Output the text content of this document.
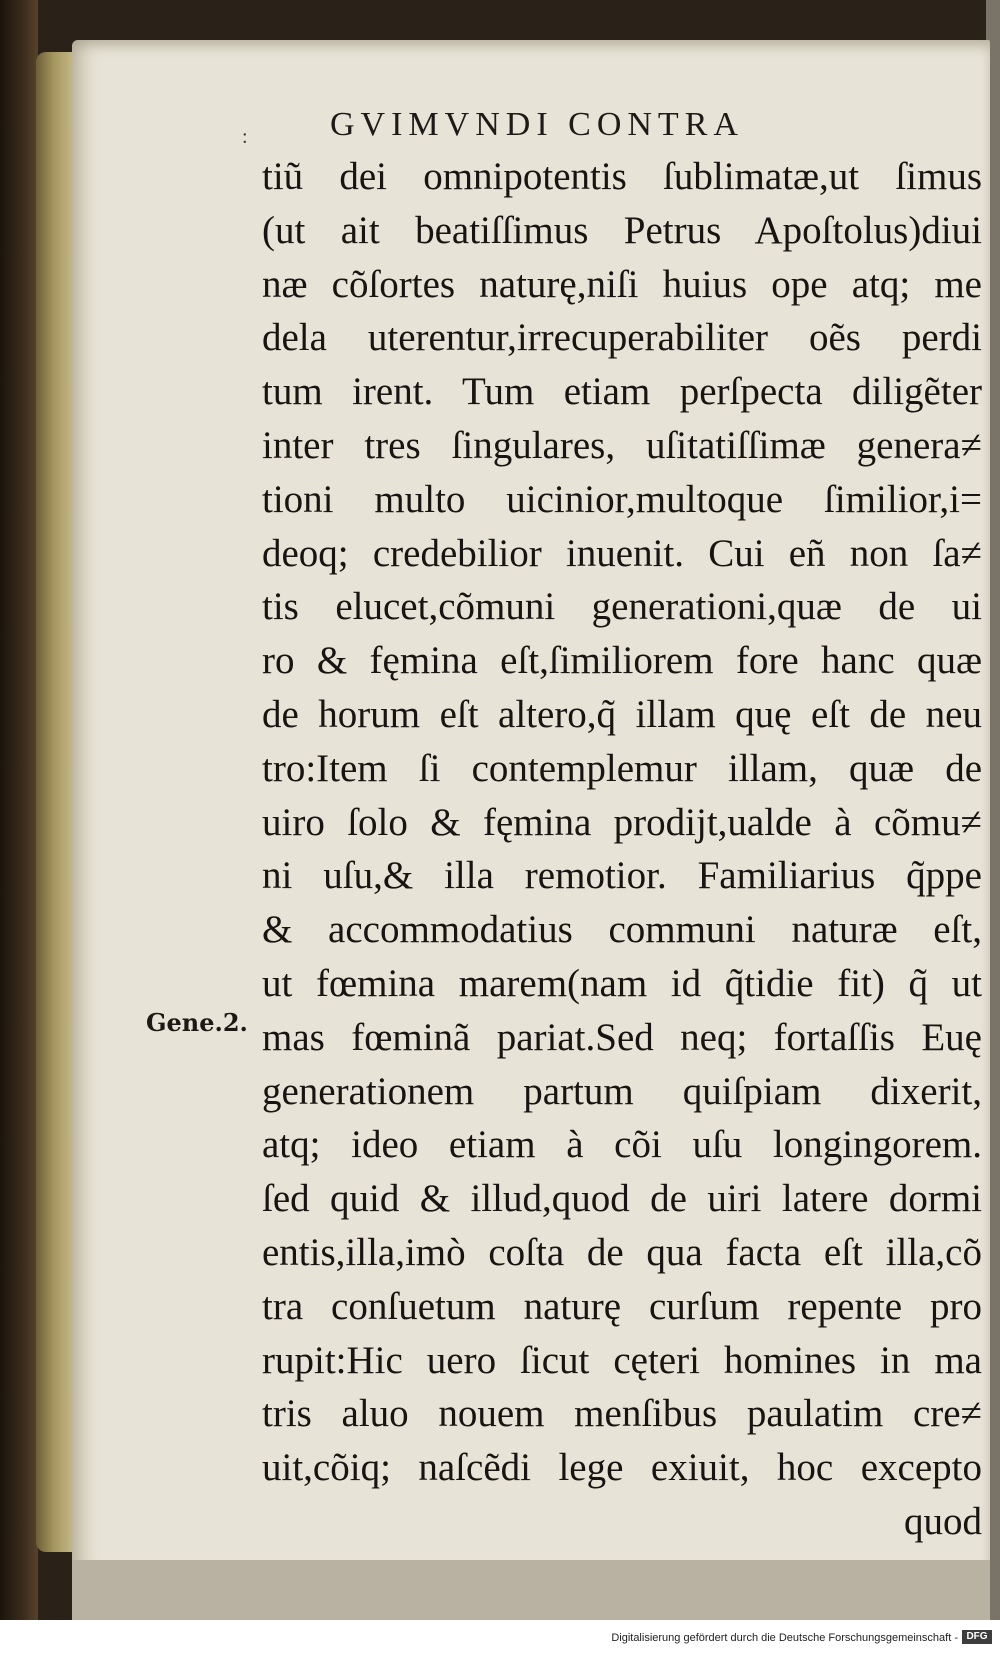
: GVIMVNDI CONTRA
Gene.2.
tiũ dei omnipotentis ſublimatæ,ut ſimus
(ut ait beatiſſimus Petrus Apoſtolus)diui
næ cõſortes naturę,niſi huius ope atq; me
dela uterentur,irrecuperabiliter oẽs perdi
tum irent. Tum etiam perſpecta diligẽter
inter tres ſingulares, uſitatiſſimæ genera≠
tioni multo uicinior,multoque ſimilior,i=
deoq; credebilior inuenit. Cui eñ non ſa≠
tis elucet,cõmuni generationi,quæ de ui
ro & fęmina eſt,ſimiliorem fore hanc quæ
de horum eſt altero,q̃ illam quę eſt de neu
tro:Item ſi contemplemur illam, quæ de
uiro ſolo & fęmina prodijt,ualde à cõmu≠
ni uſu,& illa remotior. Familiarius q̃ppe
& accommodatius communi naturæ eſt,
ut fœmina marem(nam id q̃tidie fit) q̃ ut
mas fœminã pariat.Sed neq; fortaſſis Euę
generationem partum quiſpiam dixerit,
atq; ideo etiam à cõi uſu longingorem.
ſed quid & illud,quod de uiri latere dormi
entis,illa,imò coſta de qua facta eſt illa,cõ
tra conſuetum naturę curſum repente pro
rupit:Hic uero ſicut cęteri homines in ma
tris aluo nouem menſibus paulatim cre≠
uit,cõiq; naſcẽdi lege exiuit, hoc excepto
quod
Digitalisierung gefördert durch die Deutsche Forschungsgemeinschaft - DFG
